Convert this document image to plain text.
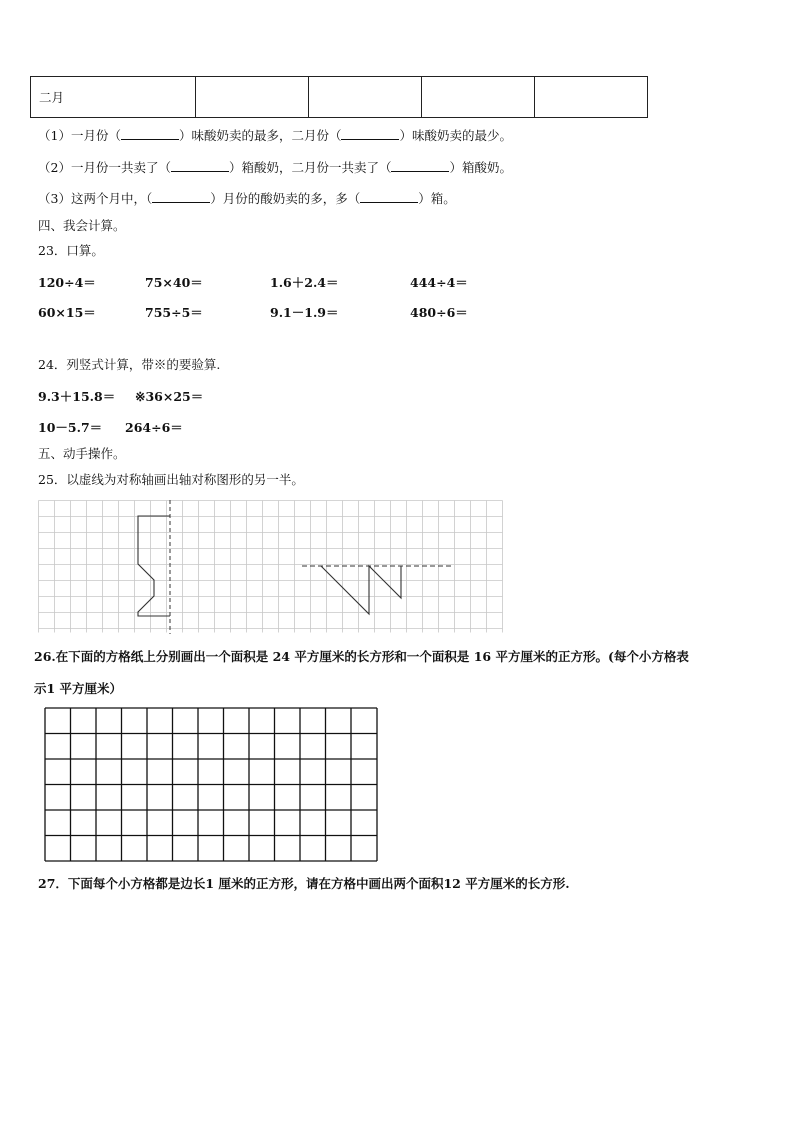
二月				
（1）一月份（	）味酸奶卖的最多，二月份（	）味酸奶卖的最少。
（2）一月份一共卖了（	）箱酸奶，二月份一共卖了（	）箱酸奶。
（3）这两个月中，（	）月份的酸奶卖的多，多（	）箱。
四、我会计算。
23．口算。
120÷4＝	75×40＝	1.6＋2.4＝	444÷4＝
60×15＝	755÷5＝	9.1－1.9＝	480÷6＝
24．列竖式计算，带※的要验算.
9.3＋15.8＝ ※36×25＝
10－5.7＝ 264÷6＝
五、动手操作。
25．以虚线为对称轴画出轴对称图形的另一半。
26.在下面的方格纸上分别画出一个面积是 24 平方厘米的长方形和一个面积是 16 平方厘米的正方形。(每个小方格表
示1 平方厘米）
27．下面每个小方格都是边长1 厘米的正方形，请在方格中画出两个面积12 平方厘米的长方形.
